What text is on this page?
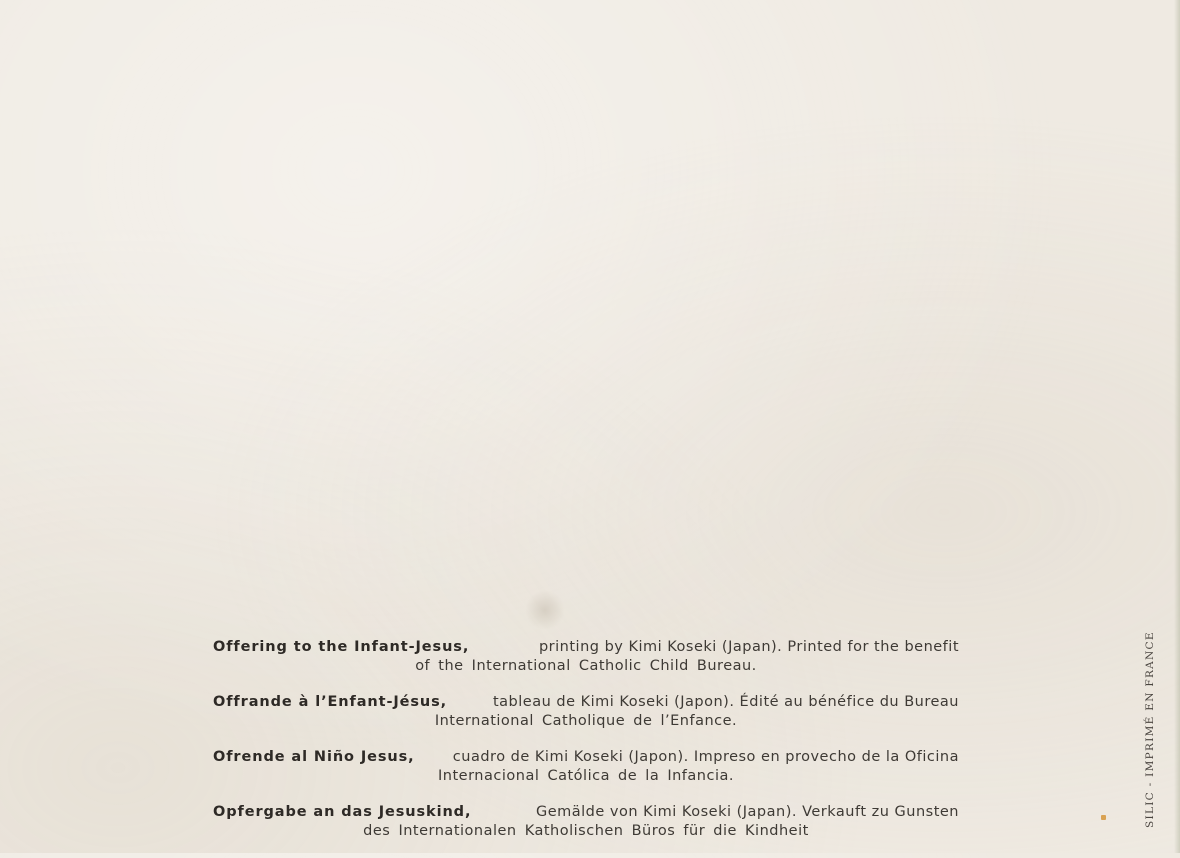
Offering to the Infant-Jesus,	printing by Kimi Koseki (Japan). Printed for the benefit
of the International Catholic Child Bureau.
Offrande à l’Enfant-Jésus,	tableau de Kimi Koseki (Japon). Édité au bénéfice du Bureau
International Catholique de l’Enfance.
Ofrende al Niño Jesus,	cuadro de Kimi Koseki (Japon). Impreso en provecho de la Oficina
Internacional Católica de la Infancia.
Opfergabe an das Jesuskind,	Gemälde von Kimi Koseki (Japan). Verkauft zu Gunsten
des Internationalen Katholischen Büros für die Kindheit
SILIC - IMPRIMÉ EN FRANCE
